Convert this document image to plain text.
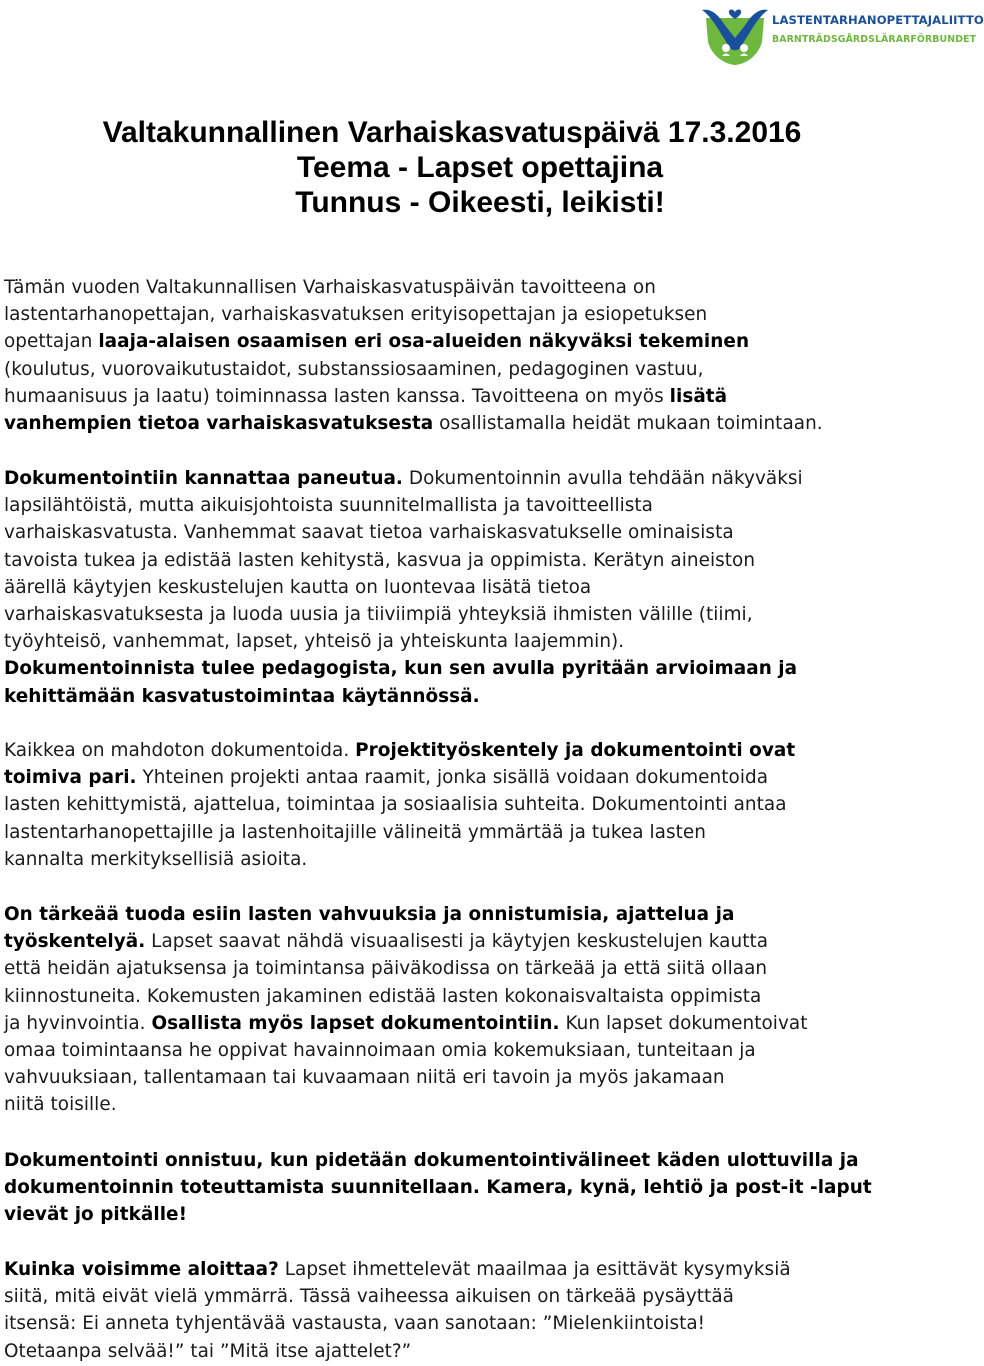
LASTENTARHANOPETTAJALIITTO
BARNTRÄDSGÅRDSLÄRARFÖRBUNDET
Valtakunnallinen Varhaiskasvatuspäivä 17.3.2016
Teema - Lapset opettajina
Tunnus - Oikeesti, leikisti!
Tämän vuoden Valtakunnallisen Varhaiskasvatuspäivän tavoitteena on
lastentarhanopettajan, varhaiskasvatuksen erityisopettajan ja esiopetuksen
opettajan laaja-alaisen osaamisen eri osa-alueiden näkyväksi tekeminen
(koulutus, vuorovaikutustaidot, substanssiosaaminen, pedagoginen vastuu,
humaanisuus ja laatu) toiminnassa lasten kanssa. Tavoitteena on myös lisätä
vanhempien tietoa varhaiskasvatuksesta osallistamalla heidät mukaan toimintaan.
Dokumentointiin kannattaa paneutua. Dokumentoinnin avulla tehdään näkyväksi
lapsilähtöistä, mutta aikuisjohtoista suunnitelmallista ja tavoitteellista
varhaiskasvatusta. Vanhemmat saavat tietoa varhaiskasvatukselle ominaisista
tavoista tukea ja edistää lasten kehitystä, kasvua ja oppimista. Kerätyn aineiston
äärellä käytyjen keskustelujen kautta on luontevaa lisätä tietoa
varhaiskasvatuksesta ja luoda uusia ja tiiviimpiä yhteyksiä ihmisten välille (tiimi,
työyhteisö, vanhemmat, lapset, yhteisö ja yhteiskunta laajemmin).
Dokumentoinnista tulee pedagogista, kun sen avulla pyritään arvioimaan ja
kehittämään kasvatustoimintaa käytännössä.
Kaikkea on mahdoton dokumentoida. Projektityöskentely ja dokumentointi ovat
toimiva pari. Yhteinen projekti antaa raamit, jonka sisällä voidaan dokumentoida
lasten kehittymistä, ajattelua, toimintaa ja sosiaalisia suhteita. Dokumentointi antaa
lastentarhanopettajille ja lastenhoitajille välineitä ymmärtää ja tukea lasten
kannalta merkityksellisiä asioita.
On tärkeää tuoda esiin lasten vahvuuksia ja onnistumisia, ajattelua ja
työskentelyä. Lapset saavat nähdä visuaalisesti ja käytyjen keskustelujen kautta
että heidän ajatuksensa ja toimintansa päiväkodissa on tärkeää ja että siitä ollaan
kiinnostuneita. Kokemusten jakaminen edistää lasten kokonaisvaltaista oppimista
ja hyvinvointia. Osallista myös lapset dokumentointiin. Kun lapset dokumentoivat
omaa toimintaansa he oppivat havainnoimaan omia kokemuksiaan, tunteitaan ja
vahvuuksiaan, tallentamaan tai kuvaamaan niitä eri tavoin ja myös jakamaan
niitä toisille.
Dokumentointi onnistuu, kun pidetään dokumentointivälineet käden ulottuvilla ja
dokumentoinnin toteuttamista suunnitellaan. Kamera, kynä, lehtiö ja post-it -laput
vievät jo pitkälle!
Kuinka voisimme aloittaa? Lapset ihmettelevät maailmaa ja esittävät kysymyksiä
siitä, mitä eivät vielä ymmärrä. Tässä vaiheessa aikuisen on tärkeää pysäyttää
itsensä: Ei anneta tyhjentävää vastausta, vaan sanotaan: ”Mielenkiintoista!
Otetaanpa selvää!” tai ”Mitä itse ajattelet?”
